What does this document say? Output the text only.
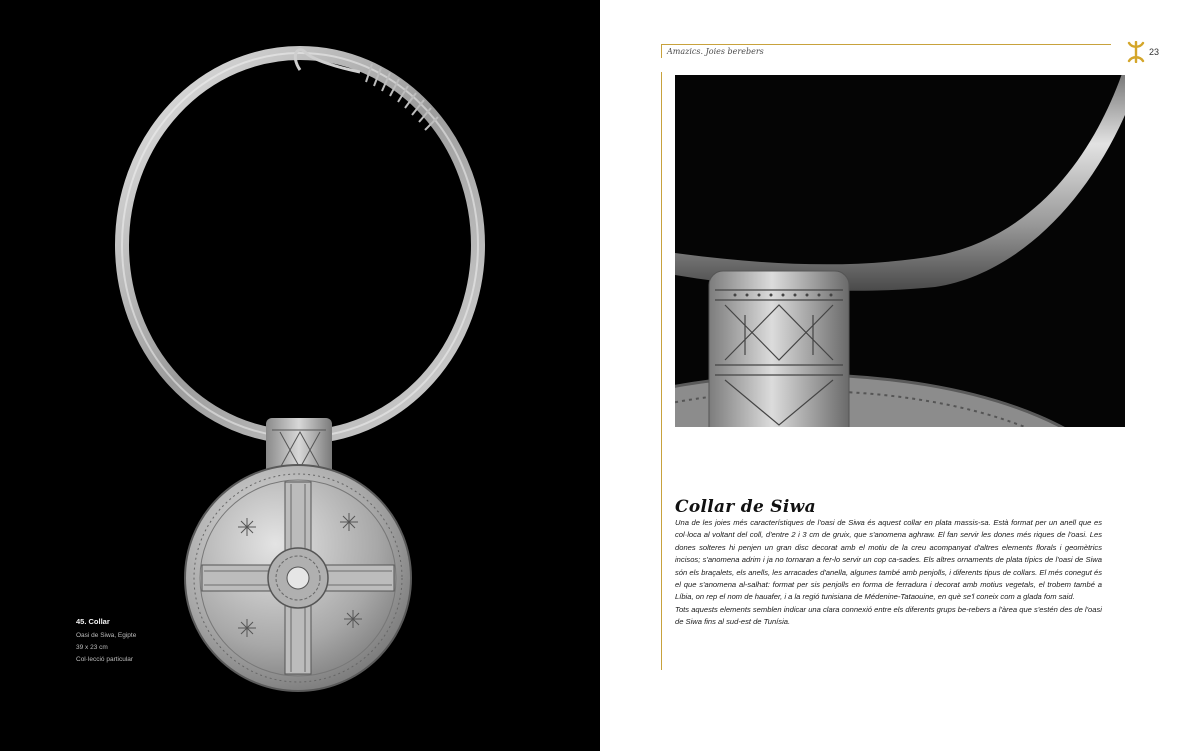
45. Collar
Oasi de Siwa, Egipte
39 x 23 cm
Col·lecció particular
Amazics. Joies berebers	23
Collar de Siwa

Una de les joies més característiques de l'oasi de Siwa és aquest collar en plata massis-sa. Està format per un anell que es col·loca al voltant del coll, d'entre 2 i 3 cm de gruix, que s'anomena aghraw. El fan servir les dones més riques de l'oasi. Les dones solteres hi penjen un gran disc decorat amb el motiu de la creu acompanyat d'altres elements florals i geomètrics incisos; s'anomena adrim i ja no tornaran a fer-lo servir un cop ca-sades. Els altres ornaments de plata típics de l'oasi de Siwa són els braçalets, els anells, les arracades d'anella, algunes també amb penjolls, i diferents tipus de collars. El més conegut és el que s'anomena al-salhat: format per sis penjolls en forma de ferradura i decorat amb motius vegetals, el trobem també a Líbia, on rep el nom de hauafer, i a la regió tunisiana de Médenine-Tataouine, en què se'l coneix com a glada fom said.

Tots aquests elements semblen indicar una clara connexió entre els diferents grups be-rebers a l'àrea que s'estén des de l'oasi de Siwa fins al sud-est de Tunísia.
